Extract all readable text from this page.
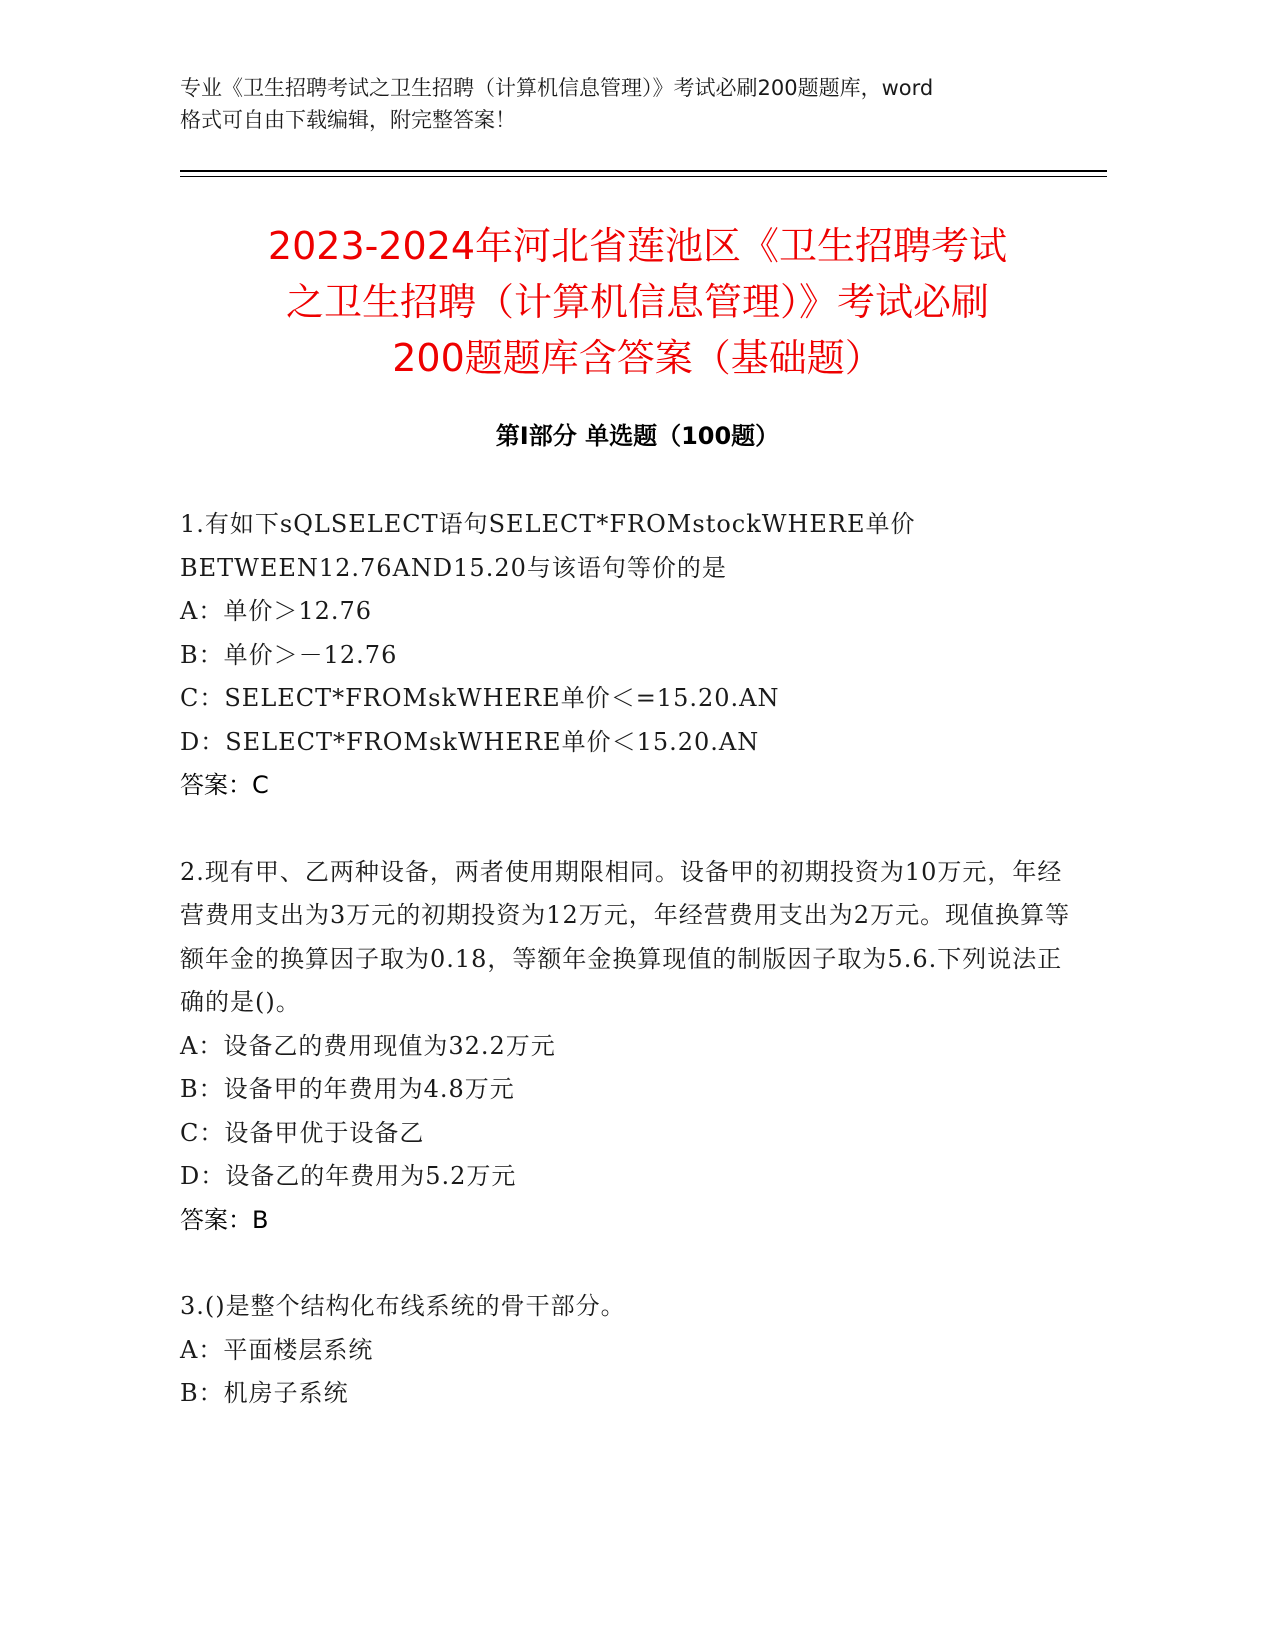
专业《卫生招聘考试之卫生招聘（计算机信息管理）》考试必刷200题题库，word
格式可自由下载编辑，附完整答案！
2023-2024年河北省莲池区《卫生招聘考试
之卫生招聘（计算机信息管理）》考试必刷
200题题库含答案（基础题）
第Ⅰ部分 单选题（100题）
1.有如下sQLSELECT语句SELECT*FROMstockWHERE单价BETWEEN12.76AND15.20与该语句等价的是
A：单价＞12.76
B：单价＞－12.76
C：SELECT*FROMskWHERE单价＜=15.20.AN
D：SELECT*FROMskWHERE单价＜15.20.AN
答案：C
2.现有甲、乙两种设备，两者使用期限相同。设备甲的初期投资为10万元，年经营费用支出为3万元的初期投资为12万元，年经营费用支出为2万元。现值换算等额年金的换算因子取为0.18，等额年金换算现值的制版因子取为5.6.下列说法正确的是()。
A：设备乙的费用现值为32.2万元
B：设备甲的年费用为4.8万元
C：设备甲优于设备乙
D：设备乙的年费用为5.2万元
答案：B
3.()是整个结构化布线系统的骨干部分。
A：平面楼层系统
B：机房子系统
